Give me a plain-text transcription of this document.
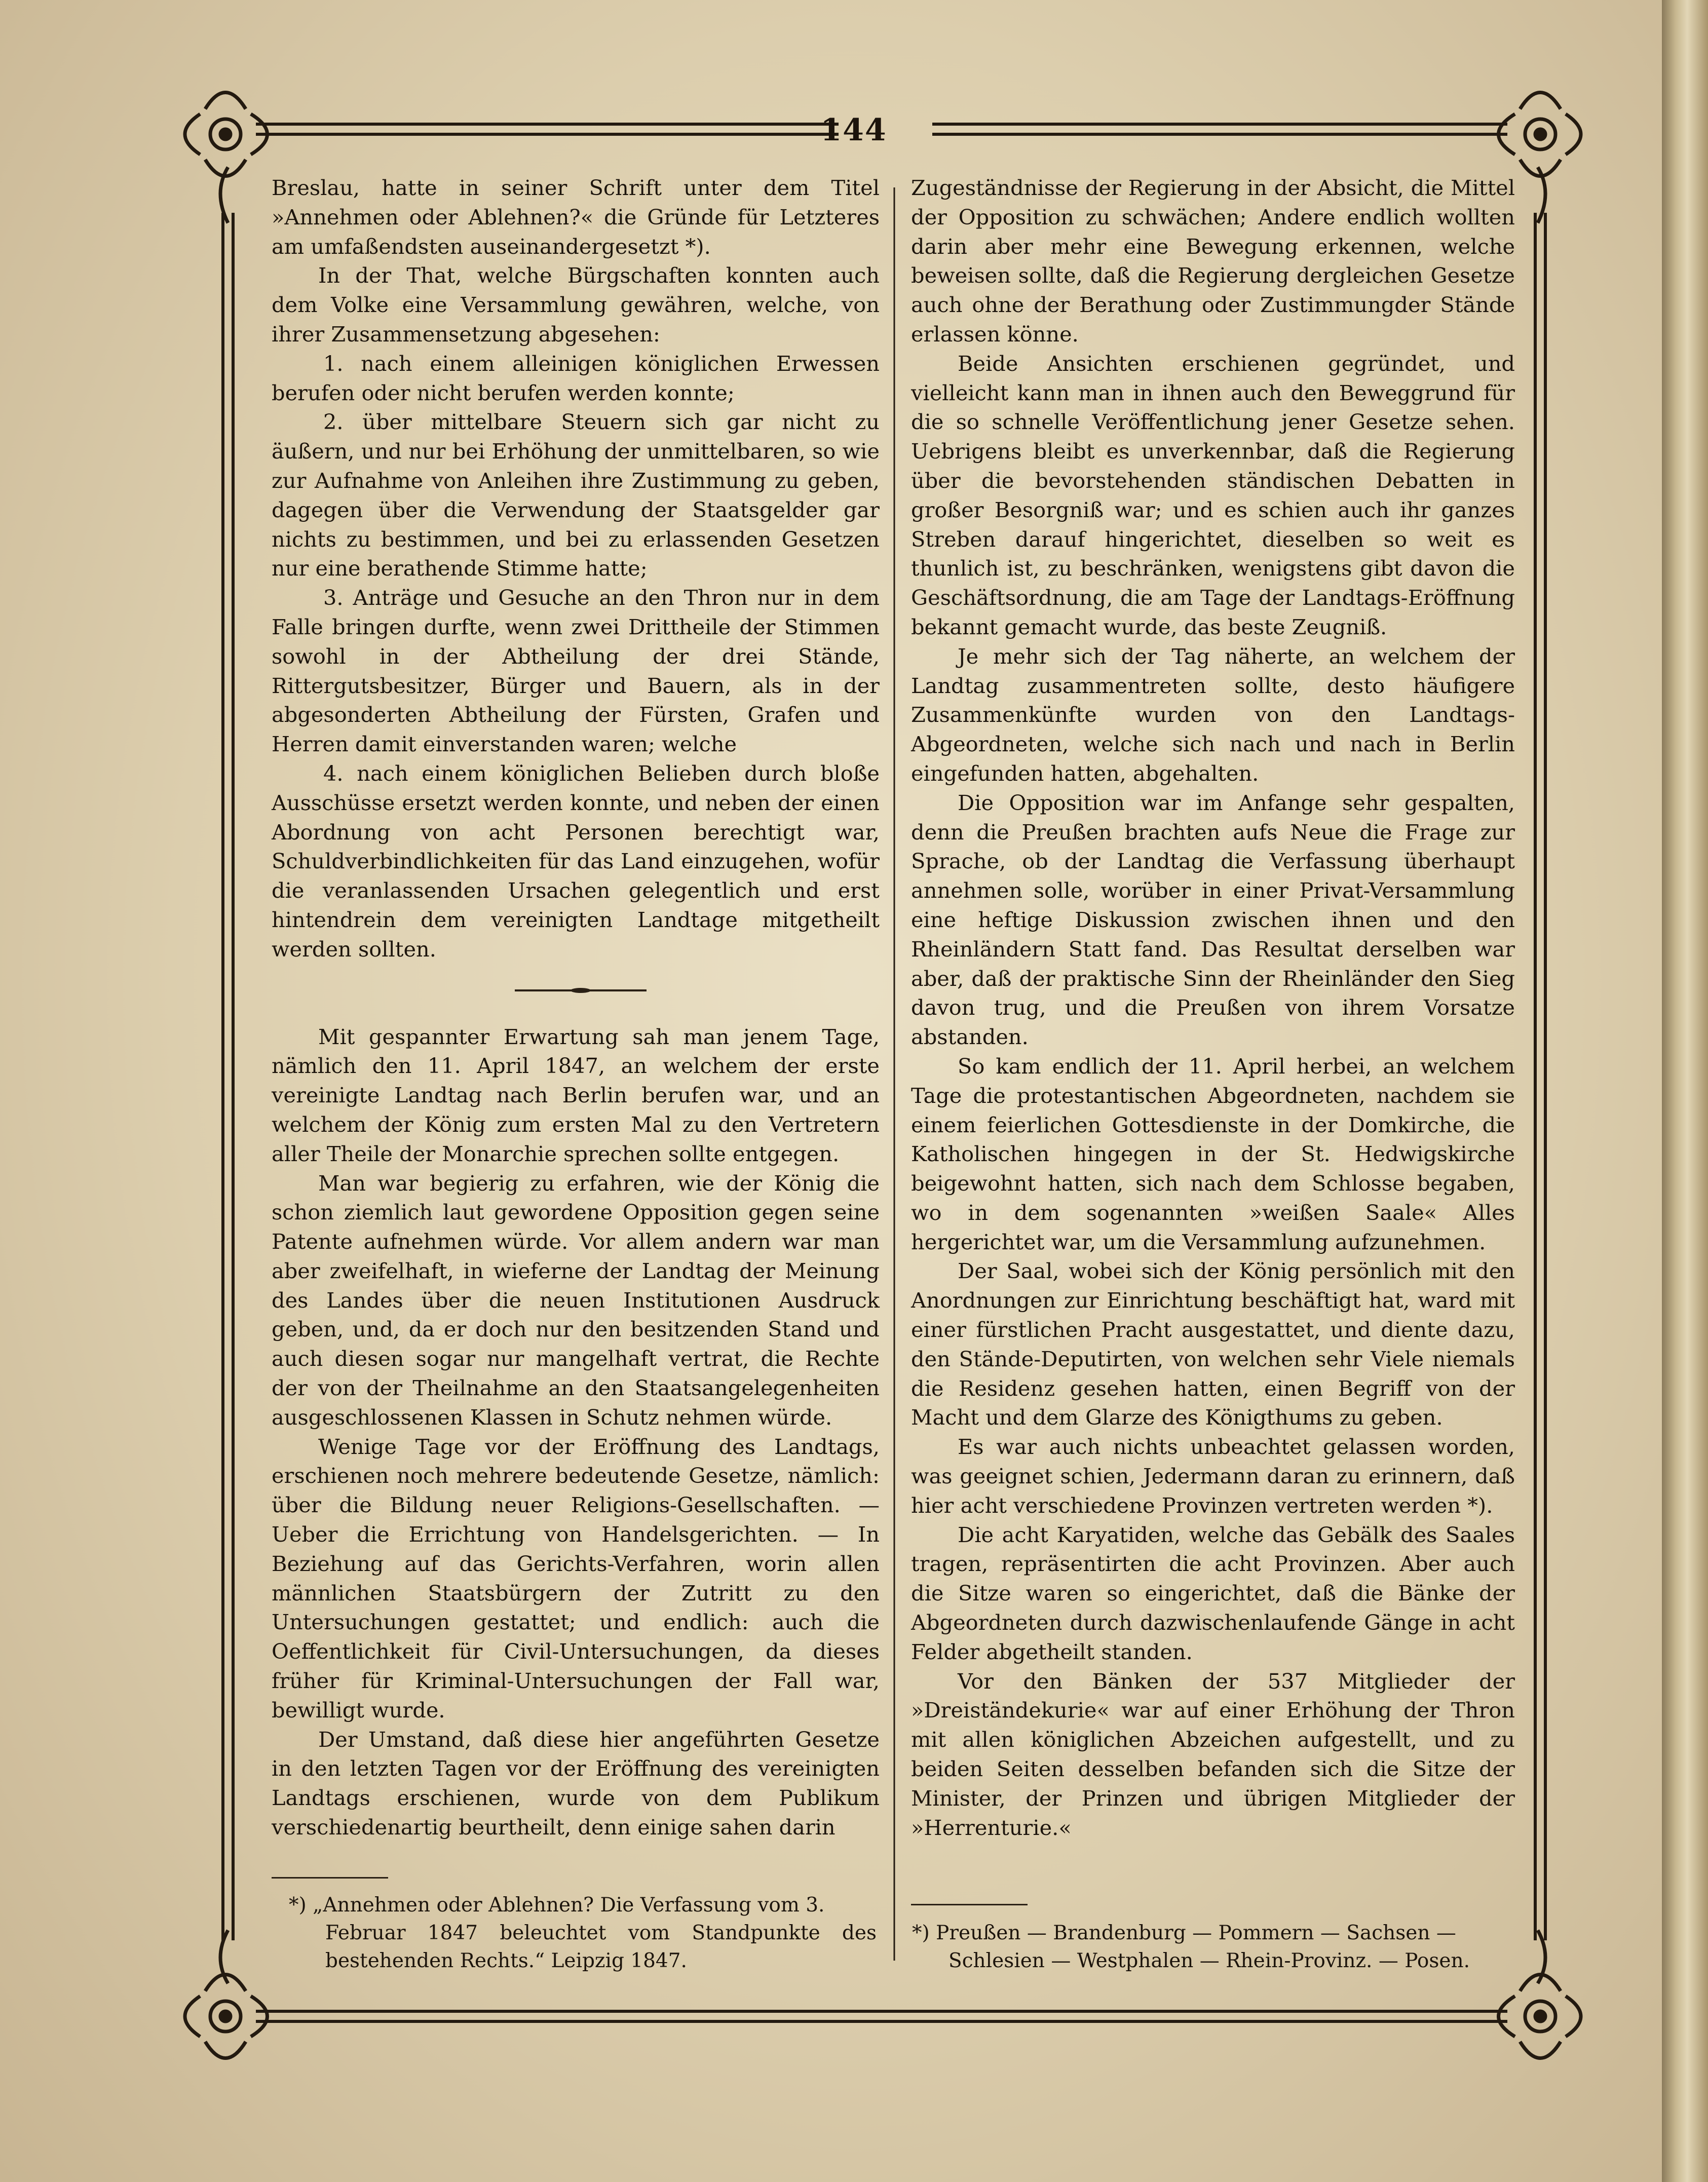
144

Breslau, hatte in seiner Schrift unter dem Titel »Annehmen oder Ablehnen?« die Gründe für Letzteres am umfaßendsten auseinandergesetzt *).

In der That, welche Bürgschaften konnten auch dem Volke eine Versammlung gewähren, welche, von ihrer Zusammensetzung abgesehen:

1. nach einem alleinigen königlichen Erwessen berufen oder nicht berufen werden konnte;

2. über mittelbare Steuern sich gar nicht zu äußern, und nur bei Erhöhung der unmittelbaren, so wie zur Aufnahme von Anleihen ihre Zustimmung zu geben, dagegen über die Verwendung der Staatsgelder gar nichts zu bestimmen, und bei zu erlassenden Gesetzen nur eine berathende Stimme hatte;

3. Anträge und Gesuche an den Thron nur in dem Falle bringen durfte, wenn zwei Drittheile der Stimmen sowohl in der Abtheilung der drei Stände, Rittergutsbesitzer, Bürger und Bauern, als in der abgesonderten Abtheilung der Fürsten, Grafen und Herren damit einverstanden waren; welche

4. nach einem königlichen Belieben durch bloße Ausschüsse ersetzt werden konnte, und neben der einen Abordnung von acht Personen berechtigt war, Schuldverbindlichkeiten für das Land einzugehen, wofür die veranlassenden Ursachen gelegentlich und erst hintendrein dem vereinigten Landtage mitgetheilt werden sollten.

Mit gespannter Erwartung sah man jenem Tage, nämlich den 11. April 1847, an welchem der erste vereinigte Landtag nach Berlin berufen war, und an welchem der König zum ersten Mal zu den Vertretern aller Theile der Monarchie sprechen sollte entgegen.

Man war begierig zu erfahren, wie der König die schon ziemlich laut gewordene Opposition gegen seine Patente aufnehmen würde. Vor allem andern war man aber zweifelhaft, in wieferne der Landtag der Meinung des Landes über die neuen Institutionen Ausdruck geben, und, da er doch nur den besitzenden Stand und auch diesen sogar nur mangelhaft vertrat, die Rechte der von der Theilnahme an den Staatsangelegenheiten ausgeschlossenen Klassen in Schutz nehmen würde.

Wenige Tage vor der Eröffnung des Landtags, erschienen noch mehrere bedeutende Gesetze, nämlich: über die Bildung neuer Religions-Gesellschaften. — Ueber die Errichtung von Handelsgerichten. — In Beziehung auf das Gerichts-Verfahren, worin allen männlichen Staatsbürgern der Zutritt zu den Untersuchungen gestattet; und endlich: auch die Oeffentlichkeit für Civil-Untersuchungen, da dieses früher für Kriminal-Untersuchungen der Fall war, bewilligt wurde.

Der Umstand, daß diese hier angeführten Gesetze in den letzten Tagen vor der Eröffnung des vereinigten Landtags erschienen, wurde von dem Publikum verschiedenartig beurtheilt, denn einige sahen darin

*) „Annehmen oder Ablehnen? Die Verfassung vom 3.
Februar 1847 beleuchtet vom Standpunkte des bestehenden Rechts.“ Leipzig 1847.

Zugeständnisse der Regierung in der Absicht, die Mittel der Opposition zu schwächen; Andere endlich wollten darin aber mehr eine Bewegung erkennen, welche beweisen sollte, daß die Regierung dergleichen Gesetze auch ohne der Berathung oder Zustimmungder Stände erlassen könne.

Beide Ansichten erschienen gegründet, und vielleicht kann man in ihnen auch den Beweggrund für die so schnelle Veröffentlichung jener Gesetze sehen. Uebrigens bleibt es unverkennbar, daß die Regierung über die bevorstehenden ständischen Debatten in großer Besorgniß war; und es schien auch ihr ganzes Streben darauf hingerichtet, dieselben so weit es thunlich ist, zu beschränken, wenigstens gibt davon die Geschäftsordnung, die am Tage der Landtags-Eröffnung bekannt gemacht wurde, das beste Zeugniß.

Je mehr sich der Tag näherte, an welchem der Landtag zusammentreten sollte, desto häufigere Zusammenkünfte wurden von den Landtags-Abgeordneten, welche sich nach und nach in Berlin eingefunden hatten, abgehalten.

Die Opposition war im Anfange sehr gespalten, denn die Preußen brachten aufs Neue die Frage zur Sprache, ob der Landtag die Verfassung überhaupt annehmen solle, worüber in einer Privat-Versammlung eine heftige Diskussion zwischen ihnen und den Rheinländern Statt fand. Das Resultat derselben war aber, daß der praktische Sinn der Rheinländer den Sieg davon trug, und die Preußen von ihrem Vorsatze abstanden.

So kam endlich der 11. April herbei, an welchem Tage die protestantischen Abgeordneten, nachdem sie einem feierlichen Gottesdienste in der Domkirche, die Katholischen hingegen in der St. Hedwigskirche beigewohnt hatten, sich nach dem Schlosse begaben, wo in dem sogenannten »weißen Saale« Alles hergerichtet war, um die Versammlung aufzunehmen.

Der Saal, wobei sich der König persönlich mit den Anordnungen zur Einrichtung beschäftigt hat, ward mit einer fürstlichen Pracht ausgestattet, und diente dazu, den Stände-Deputirten, von welchen sehr Viele niemals die Residenz gesehen hatten, einen Begriff von der Macht und dem Glarze des Königthums zu geben.

Es war auch nichts unbeachtet gelassen worden, was geeignet schien, Jedermann daran zu erinnern, daß hier acht verschiedene Provinzen vertreten werden *).

Die acht Karyatiden, welche das Gebälk des Saales tragen, repräsentirten die acht Provinzen. Aber auch die Sitze waren so eingerichtet, daß die Bänke der Abgeordneten durch dazwischenlaufende Gänge in acht Felder abgetheilt standen.

Vor den Bänken der 537 Mitglieder der »Dreiständekurie« war auf einer Erhöhung der Thron mit allen königlichen Abzeichen aufgestellt, und zu beiden Seiten desselben befanden sich die Sitze der Minister, der Prinzen und übrigen Mitglieder der »Herrenturie.«

*) Preußen — Brandenburg — Pommern — Sachsen —
Schlesien — Westphalen — Rhein-Provinz. — Posen.
